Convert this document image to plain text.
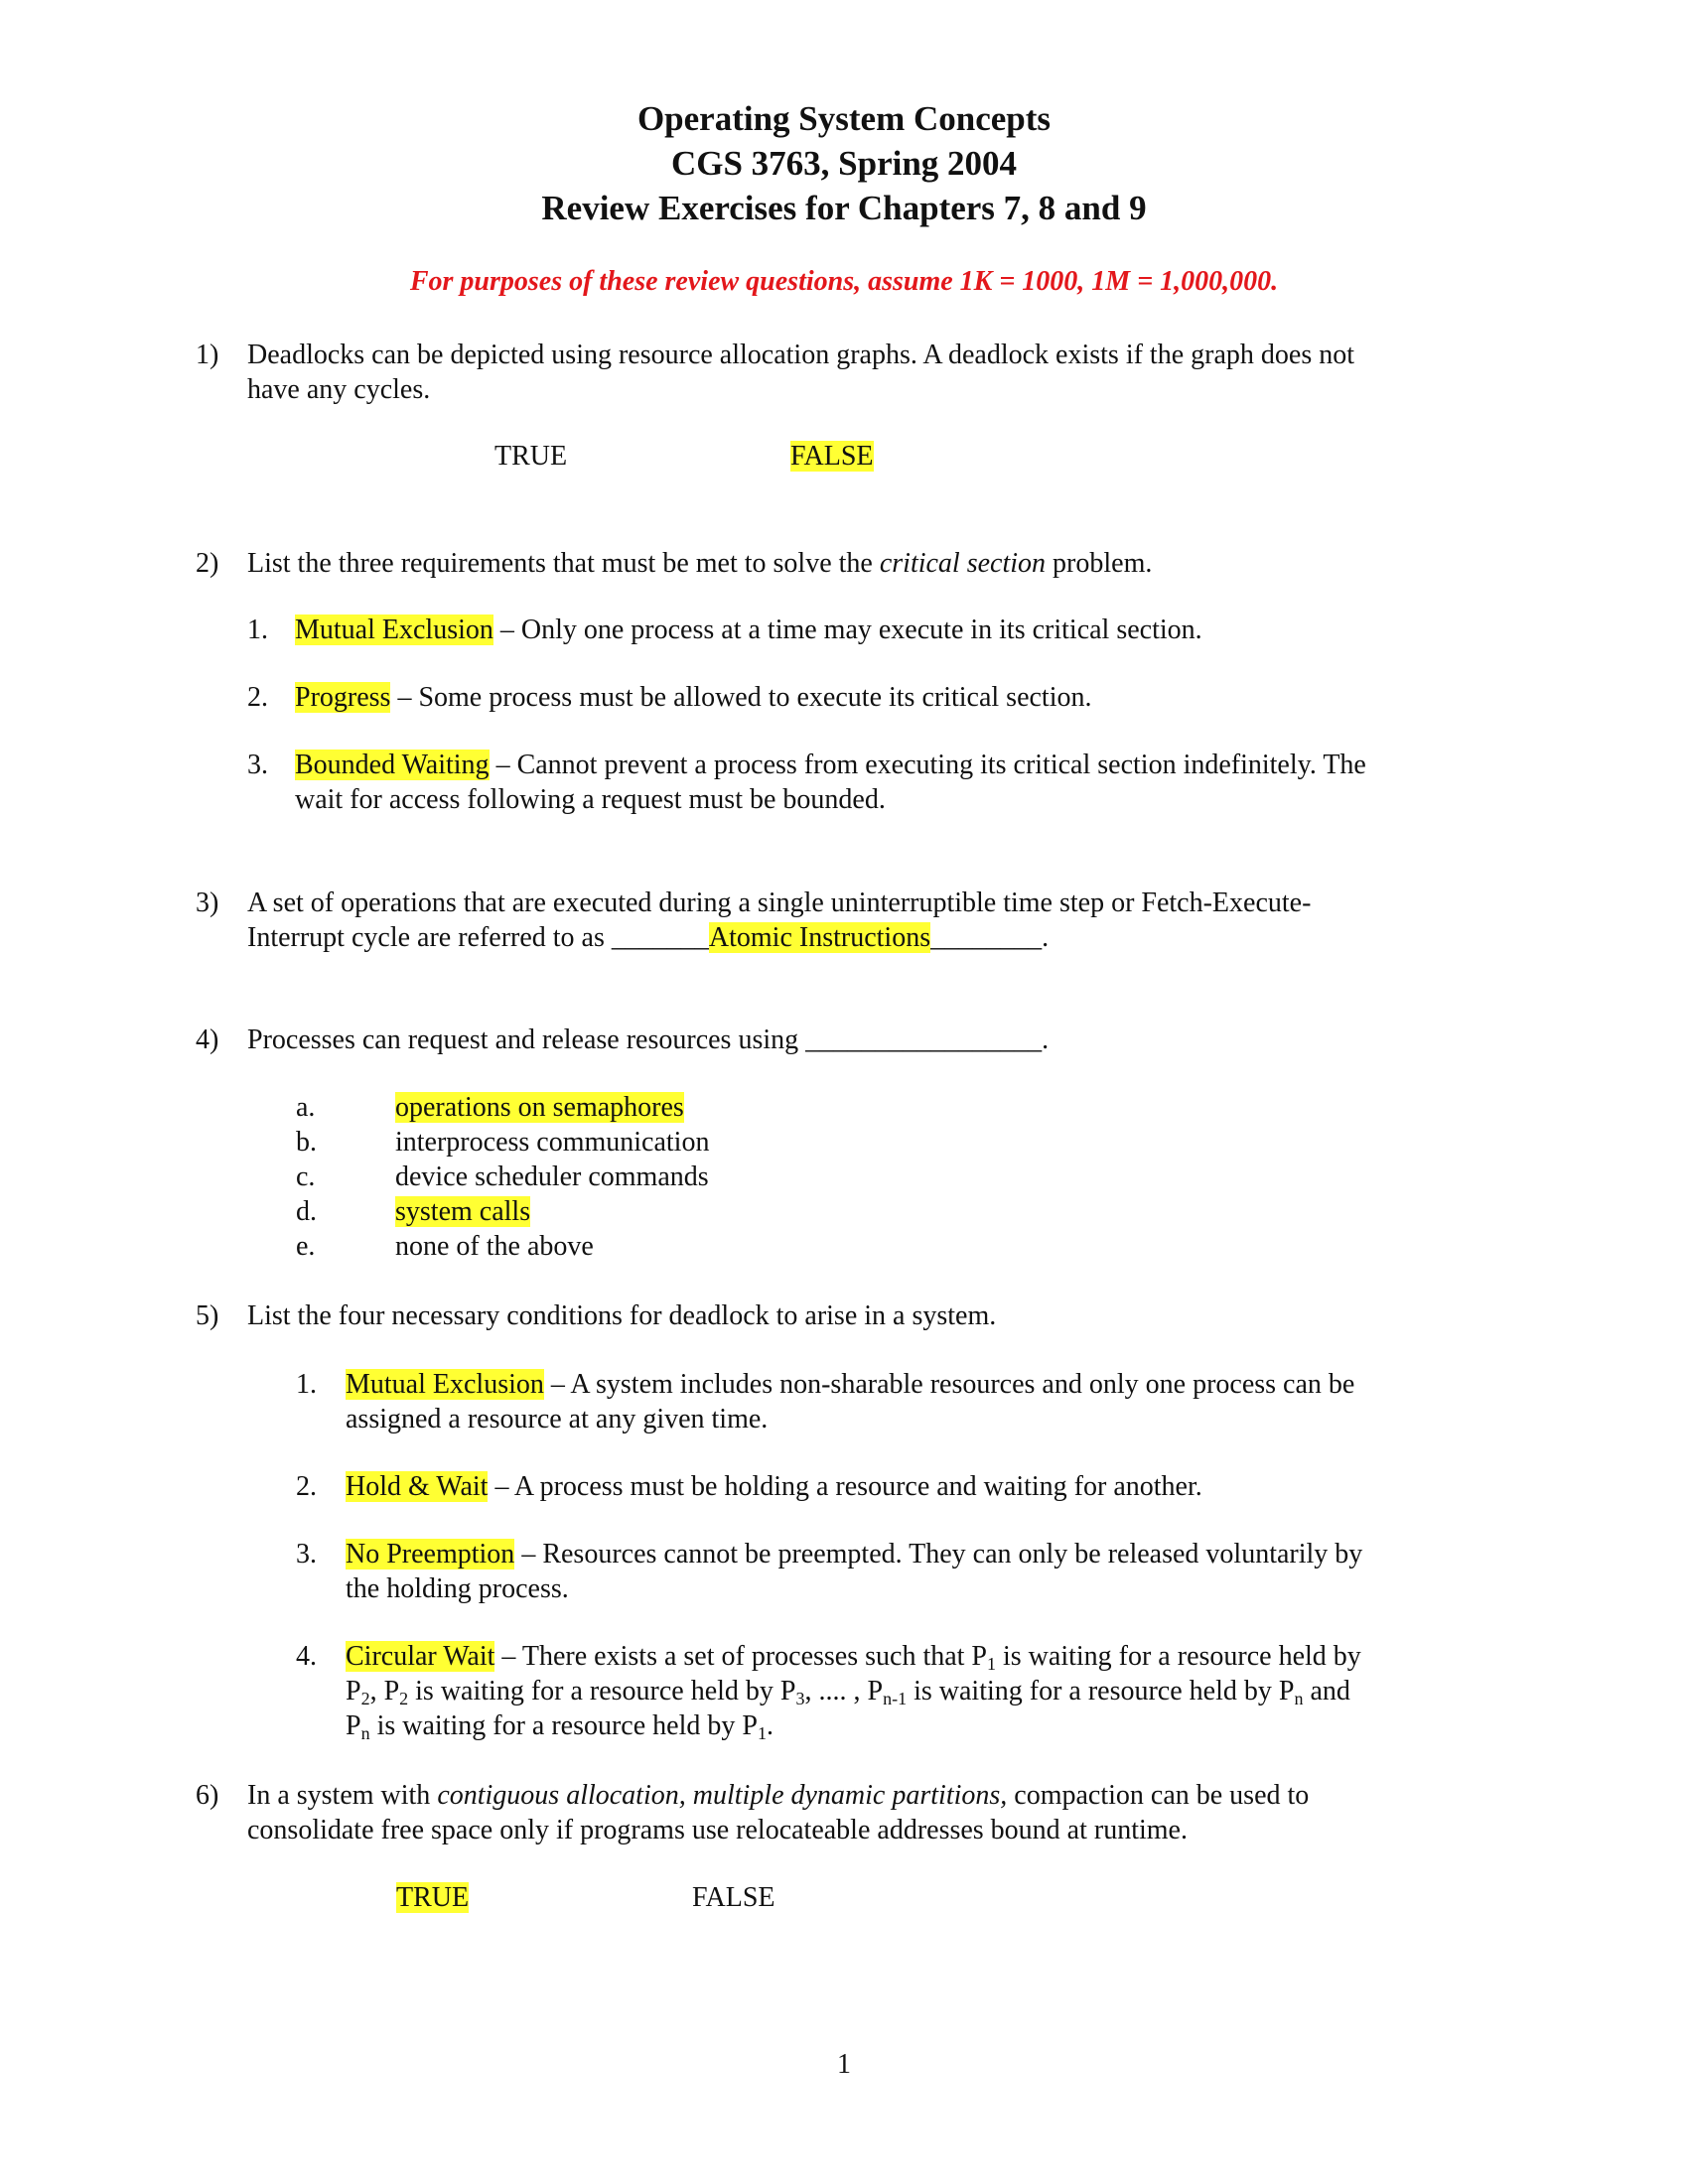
Operating System Concepts
CGS 3763, Spring 2004
Review Exercises for Chapters 7, 8 and 9
For purposes of these review questions, assume 1K = 1000, 1M = 1,000,000.
1) Deadlocks can be depicted using resource allocation graphs. A deadlock exists if the graph does not
have any cycles.
TRUE	FALSE
2) List the three requirements that must be met to solve the critical section problem.
1. Mutual Exclusion – Only one process at a time may execute in its critical section.
2. Progress – Some process must be allowed to execute its critical section.
3. Bounded Waiting – Cannot prevent a process from executing its critical section indefinitely. The
wait for access following a request must be bounded.
3) A set of operations that are executed during a single uninterruptible time step or Fetch-Execute-
Interrupt cycle are referred to as _______Atomic Instructions________.
4) Processes can request and release resources using _________________.
a.	operations on semaphores
b.	interprocess communication
c.	device scheduler commands
d.	system calls
e.	none of the above
5) List the four necessary conditions for deadlock to arise in a system.
1. Mutual Exclusion – A system includes non-sharable resources and only one process can be
assigned a resource at any given time.
2. Hold & Wait – A process must be holding a resource and waiting for another.
3. No Preemption – Resources cannot be preempted. They can only be released voluntarily by
the holding process.
4. Circular Wait – There exists a set of processes such that $P_1$ is waiting for a resource held by
$P_2$, $P_2$ is waiting for a resource held by $P_3$, .... , $P_{n-1}$ is waiting for a resource held by $P_n$ and
$P_n$ is waiting for a resource held by $P_1$.
6) In a system with contiguous allocation, multiple dynamic partitions, compaction can be used to
consolidate free space only if programs use relocateable addresses bound at runtime.
TRUE	FALSE
1
